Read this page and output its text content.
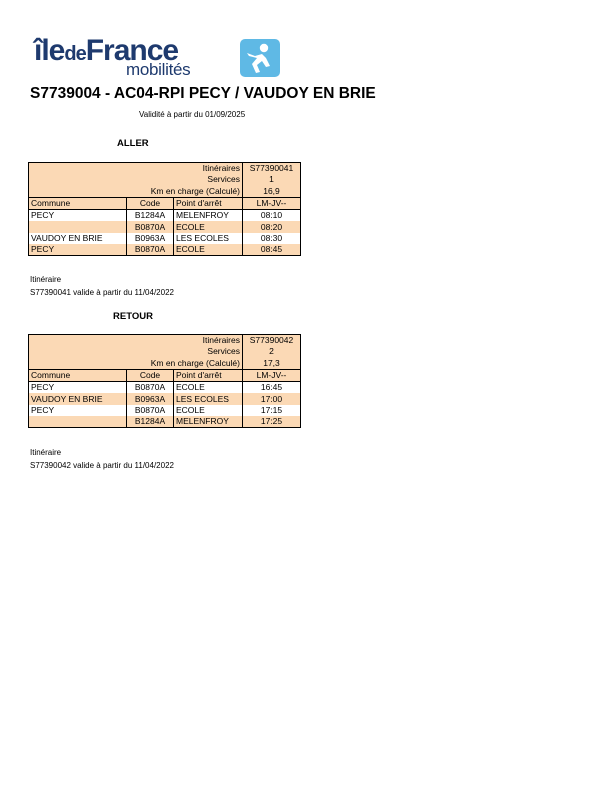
îledeFrance
mobilités
S7739004 - AC04-RPI PECY / VAUDOY EN BRIE
Validité à partir du 01/09/2025
ALLER
Itinéraires			S77390041
Services			1
Km en charge (Calculé)			16,9
Commune	Code	Point d'arrêt	LM-JV--
PECY	B1284A	MELENFROY	08:10
	B0870A	ECOLE	08:20
VAUDOY EN BRIE	B0963A	LES ECOLES	08:30
PECY	B0870A	ECOLE	08:45
Itinéraire
S77390041 valide à partir du 11/04/2022
RETOUR
Itinéraires			S77390042
Services			2
Km en charge (Calculé)			17,3
Commune	Code	Point d'arrêt	LM-JV--
PECY	B0870A	ECOLE	16:45
VAUDOY EN BRIE	B0963A	LES ECOLES	17:00
PECY	B0870A	ECOLE	17:15
	B1284A	MELENFROY	17:25
Itinéraire
S77390042 valide à partir du 11/04/2022
